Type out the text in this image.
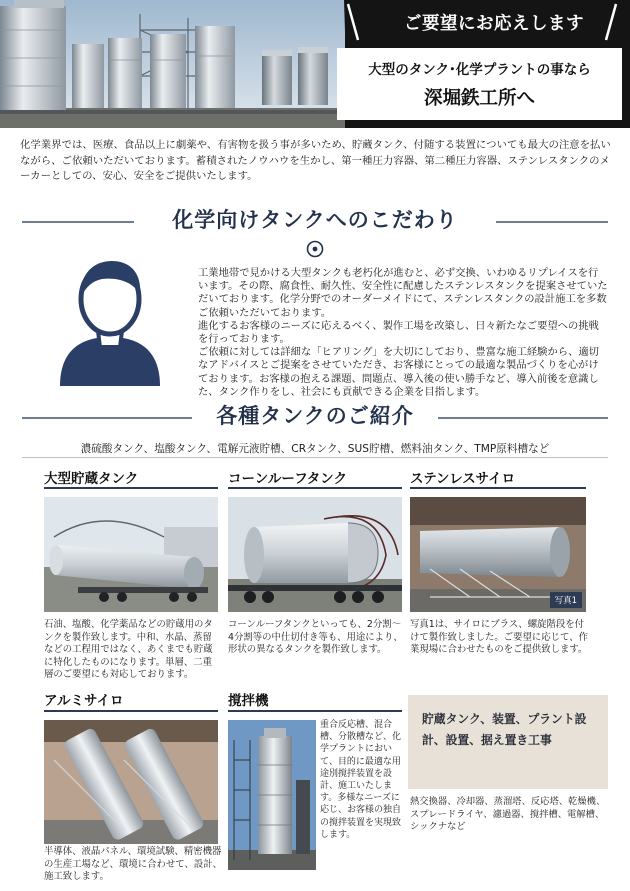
ご要望にお応えします
大型のタンク･化学プラントの事なら
深堀鉄工所へ
化学業界では、医療、食品以上に劇薬や、有害物を扱う事が多いため、貯蔵タンク、付随する装置についても最大の注意を払いながら、ご依頼いただいております。蓄積されたノウハウを生かし、第一種圧力容器、第二種圧力容器、ステンレスタンクのメーカーとしての、安心、安全をご提供いたします。
化学向けタンクへのこだわり

工業地帯で見かける大型タンクも老朽化が進むと、必ず交換、いわゆるリプレイスを行います。その際、腐食性、耐久性、安全性に配慮したステンレスタンクを提案させていただいております。化学分野でのオーダーメイドにて、ステンレスタンクの設計施工を多数ご依頼いただいております。

進化するお客様のニーズに応えるべく、製作工場を改築し、日々新たなご要望への挑戦を行っております。

ご依頼に対しては詳細な「ヒアリング」を大切にしており、豊富な施工経験から、適切なアドバイスとご提案をさせていただき、お客様にとっての最適な製品づくりを心がけております。お客様の抱える課題、問題点、導入後の使い勝手など、導入前後を意識した、タンク作りをし、社会にも貢献できる企業を目指します。

各種タンクのご紹介
濃硫酸タンク、塩酸タンク、電解元液貯槽、CRタンク、SUS貯槽、燃料油タンク、TMP原料槽など
大型貯蔵タンク
石油、塩酸、化学薬品などの貯蔵用のタンクを製作致します。中和、水晶、蒸留などの工程用ではなく、あくまでも貯蔵に特化したものになります。単層、二重層のご要望にも対応しております。
コーンルーフタンク
コーンルーフタンクといっても、2分割～4分割等の中仕切付き等も、用途により、形状の異なるタンクを製作致します。
ステンレスサイロ
写真1
写真1は、サイロにブラス、螺旋階段を付けて製作致しました。ご要望に応じて、作業現場に合わせたものをご提供致します。
アルミサイロ
半導体、液晶パネル、環境試験、精密機器の生産工場など、環境に合わせて、設計、施工致します。
撹拌機
重合反応槽、混合槽、分散槽など、化学プラントにおいて、目的に最適な用途別撹拌装置を設計、施工いたします。多様なニーズに応じ、お客様の独自の撹拌装置を実現致します。
貯蔵タンク、装置、プラント設計、設置、据え置き工事
熱交換器、冷却器、蒸溜塔、反応塔、乾燥機、スプレードライヤ、濾過器、撹拌槽、電解槽、シックナなど
